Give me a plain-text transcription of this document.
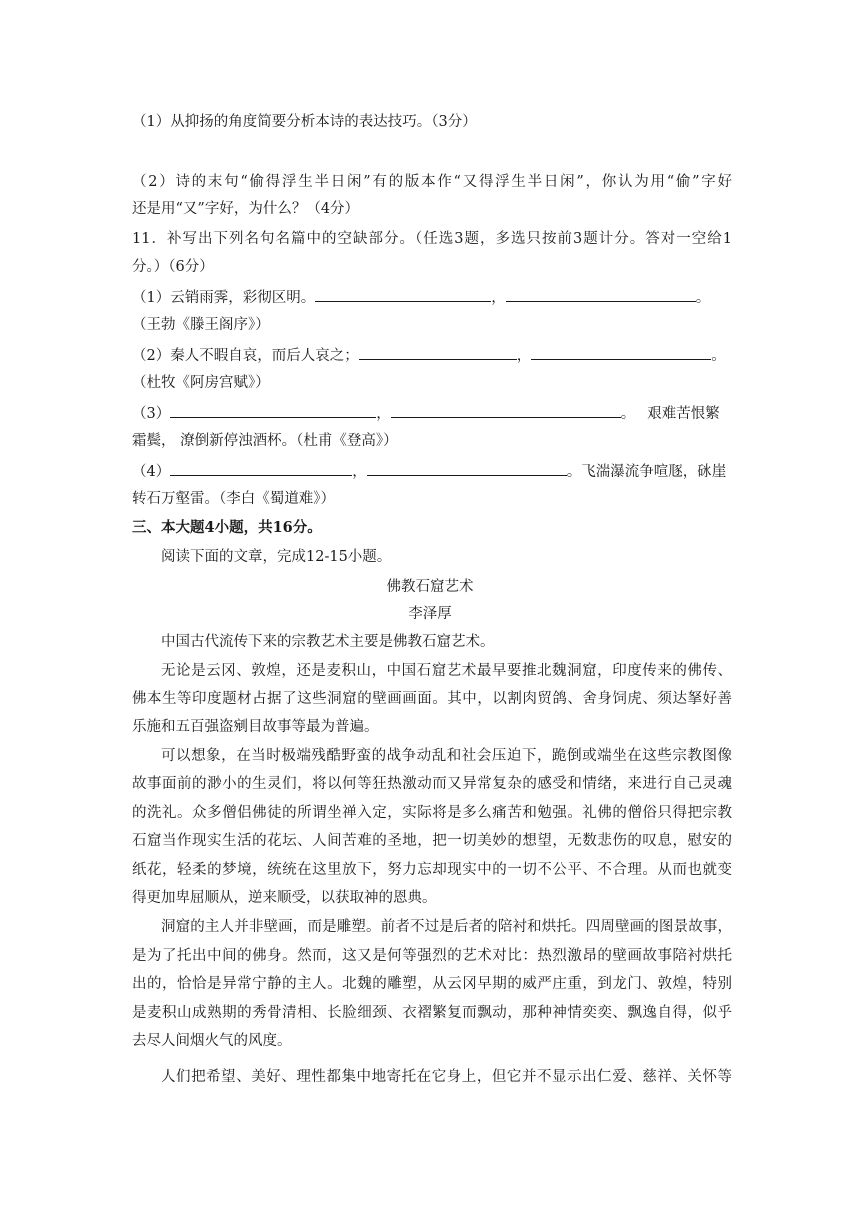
（1）从抑扬的角度简要分析本诗的表达技巧。（3分）
（2）诗的末句“偷得浮生半日闲”有的版本作“又得浮生半日闲”，你认为用“偷”字好
还是用“又”字好，为什么？（4分）
11．补写出下列名句名篇中的空缺部分。（任选3题，多选只按前3题计分。答对一空给1
分。）（6分）
（1）云销雨霁，彩彻区明。	，	。
（王勃《滕王阁序》）
（2）秦人不暇自哀，而后人哀之；	，	。
（杜牧《阿房宫赋》）
（3）	，	。 艰难苦恨繁
霜鬓， 潦倒新停浊酒杯。（杜甫《登高》）
（4）	，	。飞湍瀑流争喧豗，砯崖
转石万壑雷。（李白《蜀道难》）
三、本大题4小题，共16分。
阅读下面的文章，完成12-15小题。
佛教石窟艺术
李泽厚
中国古代流传下来的宗教艺术主要是佛教石窟艺术。
无论是云冈、敦煌，还是麦积山，中国石窟艺术最早要推北魏洞窟，印度传来的佛传、
佛本生等印度题材占据了这些洞窟的壁画画面。其中，以割肉贸鸽、舍身饲虎、须达拏好善
乐施和五百强盗剜目故事等最为普遍。
可以想象，在当时极端残酷野蛮的战争动乱和社会压迫下，跪倒或端坐在这些宗教图像
故事面前的渺小的生灵们，将以何等狂热激动而又异常复杂的感受和情绪，来进行自己灵魂
的洗礼。众多僧侣佛徒的所谓坐禅入定，实际将是多么痛苦和勉强。礼佛的僧俗只得把宗教
石窟当作现实生活的花坛、人间苦难的圣地，把一切美妙的想望，无数悲伤的叹息，慰安的
纸花，轻柔的梦境，统统在这里放下，努力忘却现实中的一切不公平、不合理。从而也就变
得更加卑屈顺从，逆来顺受，以获取神的恩典。
洞窟的主人并非壁画，而是雕塑。前者不过是后者的陪衬和烘托。四周壁画的图景故事，
是为了托出中间的佛身。然而，这又是何等强烈的艺术对比：热烈激昂的壁画故事陪衬烘托
出的，恰恰是异常宁静的主人。北魏的雕塑，从云冈早期的威严庄重，到龙门、敦煌，特别
是麦积山成熟期的秀骨清相、长脸细颈、衣褶繁复而飘动，那种神情奕奕、飘逸自得，似乎
去尽人间烟火气的风度。
人们把希望、美好、理性都集中地寄托在它身上，但它并不显示出仁爱、慈祥、关怀等
